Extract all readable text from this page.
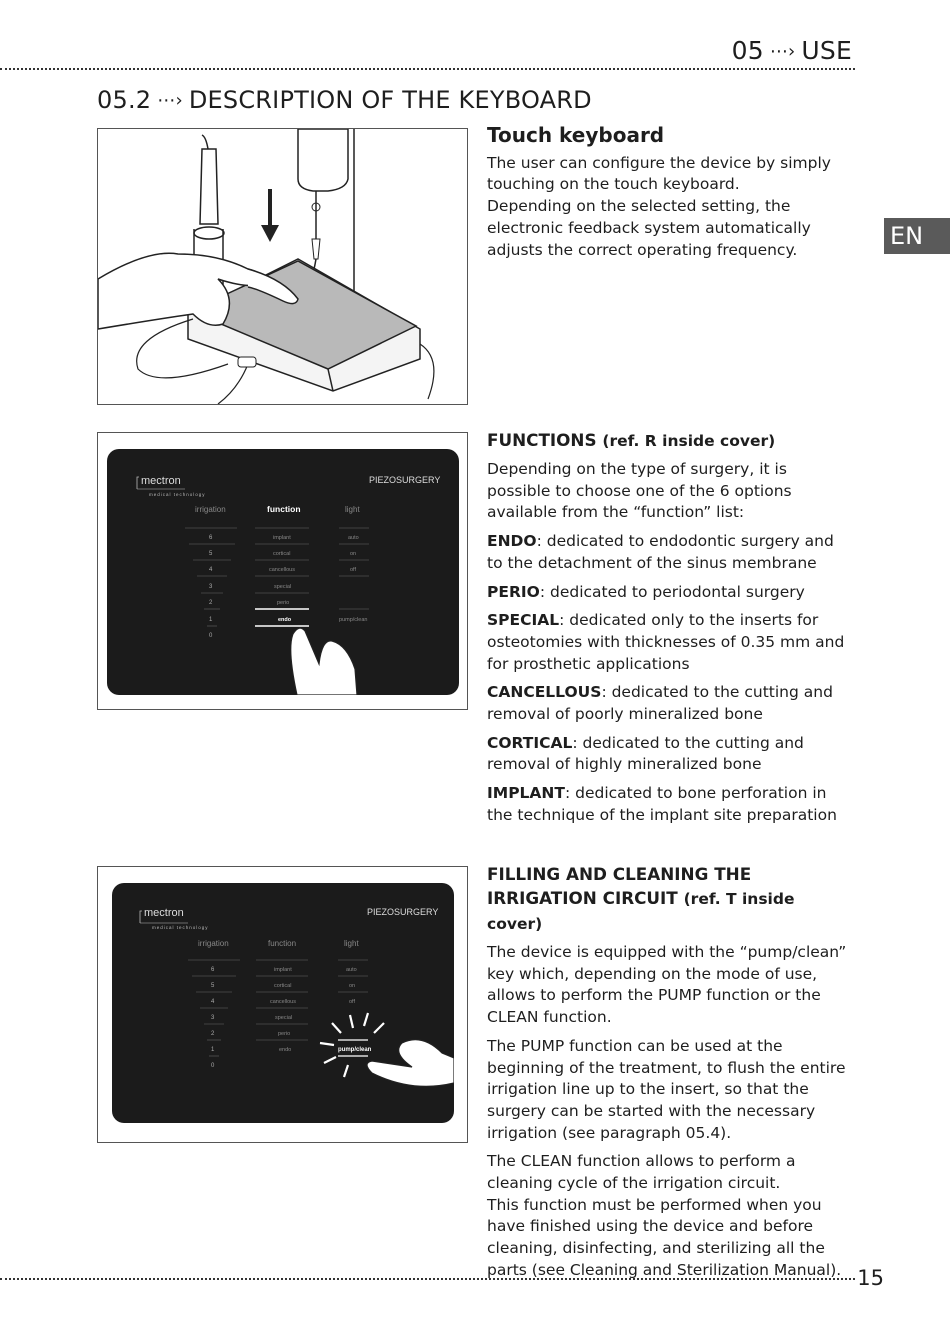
05 ⋯› USE
05.2 ⋯› DESCRIPTION OF THE KEYBOARD
EN
mectron
medical technology
PIEZOSURGERY
irrigation	function	light
6
5
4
3
2
1
0
implant
cortical
cancellous
special
perio
endo
auto
on
off
pump/clean
mectron
medical technology
PIEZOSURGERY
irrigation	function	light
6
5
4
3
2
1
0
implant
cortical
cancellous
special
perio
endo
auto
on
off
pump/clean
Touch keyboard
The user can configure the device by simply touching on the touch keyboard.
Depending on the selected setting, the electronic feedback system automatically adjusts the correct operating frequency.
FUNCTIONS (ref. R inside cover)
Depending on the type of surgery, it is possible to choose one of the 6 options available from the “function” list:
ENDO: dedicated to endodontic surgery and to the detachment of the sinus membrane
PERIO: dedicated to periodontal surgery
SPECIAL: dedicated only to the inserts for osteotomies with thicknesses of 0.35 mm and for prosthetic applications
CANCELLOUS: dedicated to the cutting and removal of poorly mineralized bone
CORTICAL: dedicated to the cutting and removal of highly mineralized bone
IMPLANT: dedicated to bone perforation in the technique of the implant site preparation
FILLING AND CLEANING THE IRRIGATION CIRCUIT (ref. T inside cover)
The device is equipped with the “pump/clean” key which, depending on the mode of use, allows to perform the PUMP function or the CLEAN function.
The PUMP function can be used at the beginning of the treatment, to flush the entire irrigation line up to the insert, so that the surgery can be started with the necessary irrigation (see paragraph 05.4).
The CLEAN function allows to perform a cleaning cycle of the irrigation circuit.
This function must be performed when you have finished using the device and before cleaning, disinfecting, and sterilizing all the parts (see Cleaning and Sterilization Manual). 15
